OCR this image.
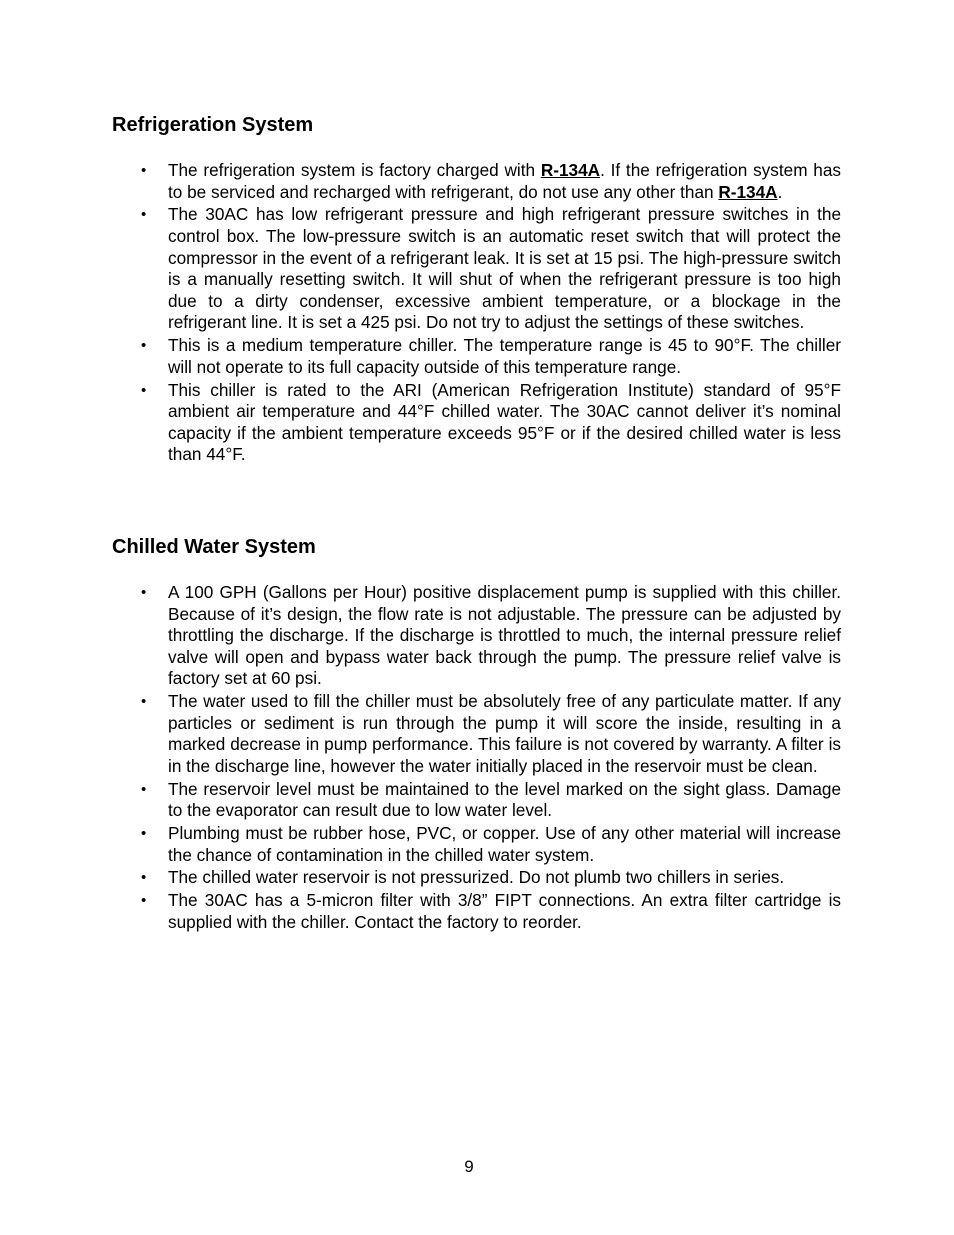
Refrigeration System
• The refrigeration system is factory charged with R-134A. If the refrigeration system has to be serviced and recharged with refrigerant, do not use any other than R-134A.
• The 30AC has low refrigerant pressure and high refrigerant pressure switches in the control box. The low-pressure switch is an automatic reset switch that will protect the compressor in the event of a refrigerant leak. It is set at 15 psi. The high-pressure switch is a manually resetting switch. It will shut of when the refrigerant pressure is too high due to a dirty condenser, excessive ambient temperature, or a blockage in the refrigerant line. It is set a 425 psi. Do not try to adjust the settings of these switches.
• This is a medium temperature chiller. The temperature range is 45 to 90°F. The chiller will not operate to its full capacity outside of this temperature range.
• This chiller is rated to the ARI (American Refrigeration Institute) standard of 95°F ambient air temperature and 44°F chilled water. The 30AC cannot deliver it’s nominal capacity if the ambient temperature exceeds 95°F or if the desired chilled water is less than 44°F.
Chilled Water System
• A 100 GPH (Gallons per Hour) positive displacement pump is supplied with this chiller. Because of it’s design, the flow rate is not adjustable. The pressure can be adjusted by throttling the discharge. If the discharge is throttled to much, the internal pressure relief valve will open and bypass water back through the pump. The pressure relief valve is factory set at 60 psi.
• The water used to fill the chiller must be absolutely free of any particulate matter. If any particles or sediment is run through the pump it will score the inside, resulting in a marked decrease in pump performance. This failure is not covered by warranty. A filter is in the discharge line, however the water initially placed in the reservoir must be clean.
• The reservoir level must be maintained to the level marked on the sight glass. Damage to the evaporator can result due to low water level.
• Plumbing must be rubber hose, PVC, or copper. Use of any other material will increase the chance of contamination in the chilled water system.
• The chilled water reservoir is not pressurized. Do not plumb two chillers in series.
• The 30AC has a 5-micron filter with 3/8” FIPT connections. An extra filter cartridge is supplied with the chiller. Contact the factory to reorder.
9
